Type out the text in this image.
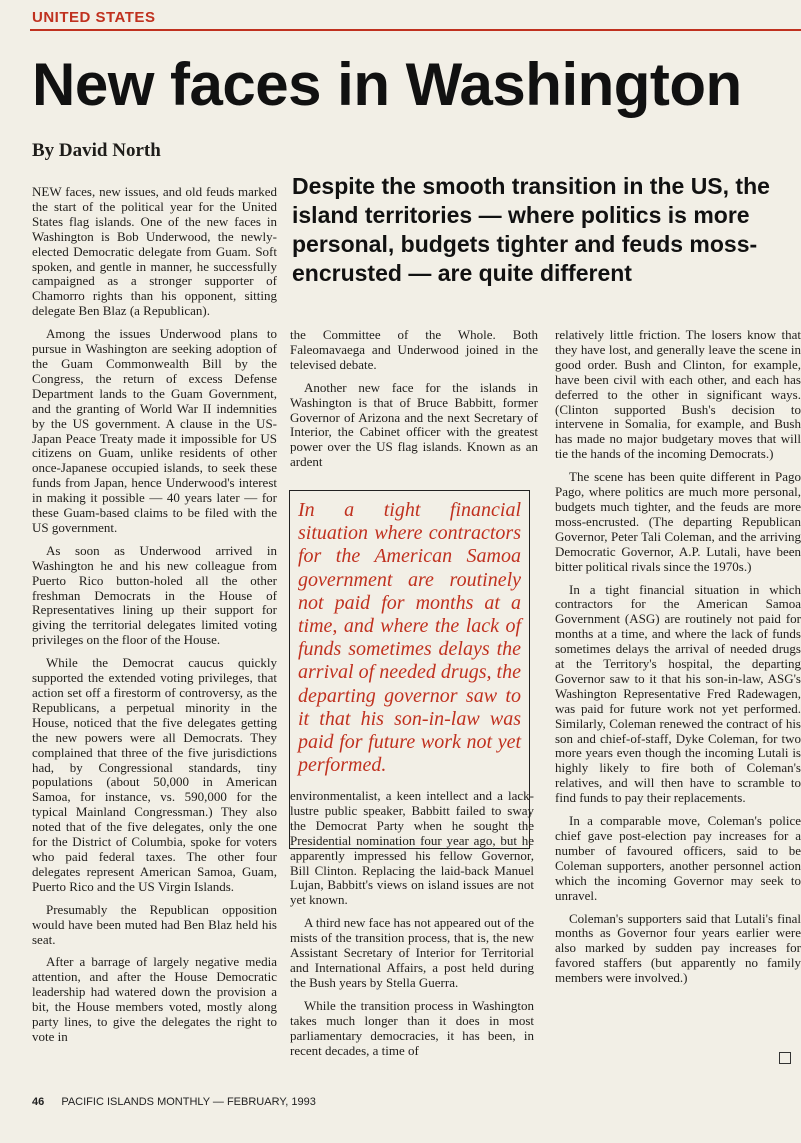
UNITED STATES
New faces in Washington
By David North
Despite the smooth transition in the US, the island territories — where politics is more personal, budgets tighter and feuds moss-encrusted — are quite different

NEW faces, new issues, and old feuds marked the start of the political year for the United States flag islands. One of the new faces in Washington is Bob Underwood, the newly-elected Democratic delegate from Guam. Soft spoken, and gentle in manner, he successfully campaigned as a stronger supporter of Chamorro rights than his opponent, sitting delegate Ben Blaz (a Republican).

Among the issues Underwood plans to pursue in Washington are seeking adoption of the Guam Commonwealth Bill by the Congress, the return of excess Defense Department lands to the Guam Government, and the granting of World War II indemnities by the US government. A clause in the US-Japan Peace Treaty made it impossible for US citizens on Guam, unlike residents of other once-Japanese occupied islands, to seek these funds from Japan, hence Underwood's interest in making it possible — 40 years later — for these Guam-based claims to be filed with the US government.

As soon as Underwood arrived in Washington he and his new colleague from Puerto Rico button-holed all the other freshman Democrats in the House of Representatives lining up their support for giving the territorial delegates limited voting privileges on the floor of the House.

While the Democrat caucus quickly supported the extended voting privileges, that action set off a firestorm of controversy, as the Republicans, a perpetual minority in the House, noticed that the five delegates getting the new powers were all Democrats. They complained that three of the five jurisdictions had, by Congressional standards, tiny populations (about 50,000 in American Samoa, for instance, vs. 590,000 for the typical Mainland Congressman.) They also noted that of the five delegates, only the one for the District of Columbia, spoke for voters who paid federal taxes. The other four delegates represent American Samoa, Guam, Puerto Rico and the US Virgin Islands.

Presumably the Republican opposition would have been muted had Ben Blaz held his seat.

After a barrage of largely negative media attention, and after the House Democratic leadership had watered down the provision a bit, the House members voted, mostly along party lines, to give the delegates the right to vote in

the Committee of the Whole. Both Faleomavaega and Underwood joined in the televised debate.

Another new face for the islands in Washington is that of Bruce Babbitt, former Governor of Arizona and the next Secretary of Interior, the Cabinet officer with the greatest power over the US flag islands. Known as an ardent

In a tight financial situation where contractors for the American Samoa government are routinely not paid for months at a time, and where the lack of funds sometimes delays the arrival of needed drugs, the departing governor saw to it that his son-in-law was paid for future work not yet performed.

environmentalist, a keen intellect and a lack-lustre public speaker, Babbitt failed to sway the Democrat Party when he sought the Presidential nomination four year ago, but he apparently impressed his fellow Governor, Bill Clinton. Replacing the laid-back Manuel Lujan, Babbitt's views on island issues are not yet known.

A third new face has not appeared out of the mists of the transition process, that is, the new Assistant Secretary of Interior for Territorial and International Affairs, a post held during the Bush years by Stella Guerra.

While the transition process in Washington takes much longer than it does in most parliamentary democracies, it has been, in recent decades, a time of

relatively little friction. The losers know that they have lost, and generally leave the scene in good order. Bush and Clinton, for example, have been civil with each other, and each has deferred to the other in significant ways. (Clinton supported Bush's decision to intervene in Somalia, for example, and Bush has made no major budgetary moves that will tie the hands of the incoming Democrats.)

The scene has been quite different in Pago Pago, where politics are much more personal, budgets much tighter, and the feuds are more moss-encrusted. (The departing Republican Governor, Peter Tali Coleman, and the arriving Democratic Governor, A.P. Lutali, have been bitter political rivals since the 1970s.)

In a tight financial situation in which contractors for the American Samoa Government (ASG) are routinely not paid for months at a time, and where the lack of funds sometimes delays the arrival of needed drugs at the Territory's hospital, the departing Governor saw to it that his son-in-law, ASG's Washington Representative Fred Radewagen, was paid for future work not yet performed. Similarly, Coleman renewed the contract of his son and chief-of-staff, Dyke Coleman, for two more years even though the incoming Lutali is highly likely to fire both of Coleman's relatives, and will then have to scramble to find funds to pay their replacements.

In a comparable move, Coleman's police chief gave post-election pay increases for a number of favoured officers, said to be Coleman supporters, another personnel action which the incoming Governor may seek to unravel.

Coleman's supporters said that Lutali's final months as Governor four years earlier were also marked by sudden pay increases for favored staffers (but apparently no family members were involved.)

46 PACIFIC ISLANDS MONTHLY — FEBRUARY, 1993
